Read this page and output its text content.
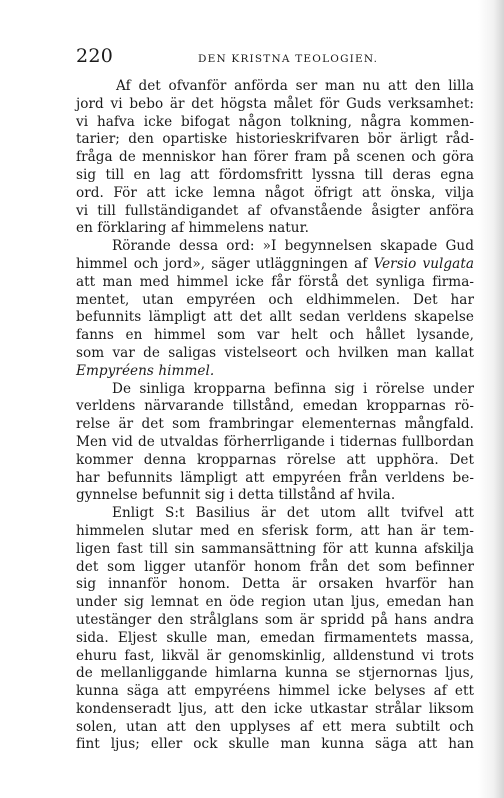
220	DEN KRISTNA TEOLOGIEN.
Af det ofvanför anförda ser man nu att den lilla
jord vi bebo är det högsta målet för Guds verksamhet:
vi hafva icke bifogat någon tolkning, några kommen-
tarier; den opartiske historieskrifvaren bör ärligt råd-
fråga de menniskor han förer fram på scenen och göra
sig till en lag att fördomsfritt lyssna till deras egna
ord. För att icke lemna något öfrigt att önska, vilja
vi till fullständigandet af ofvanstående åsigter anföra
en förklaring af himmelens natur.
Rörande dessa ord: »I begynnelsen skapade Gud
himmel och jord», säger utläggningen af Versio vulgata
att man med himmel icke får förstå det synliga firma-
mentet, utan empyréen och eldhimmelen. Det har
befunnits lämpligt att det allt sedan verldens skapelse
fanns en himmel som var helt och hållet lysande,
som var de saligas vistelseort och hvilken man kallat
Empyréens himmel.
De sinliga kropparna befinna sig i rörelse under
verldens närvarande tillstånd, emedan kropparnas rö-
relse är det som frambringar elementernas mångfald.
Men vid de utvaldas förherrligande i tidernas fullbordan
kommer denna kropparnas rörelse att upphöra. Det
har befunnits lämpligt att empyréen från verldens be-
gynnelse befunnit sig i detta tillstånd af hvila.
Enligt S:t Basilius är det utom allt tvifvel att
himmelen slutar med en sferisk form, att han är tem-
ligen fast till sin sammansättning för att kunna afskilja
det som ligger utanför honom från det som befinner
sig innanför honom. Detta är orsaken hvarför han
under sig lemnat en öde region utan ljus, emedan han
utestänger den strålglans som är spridd på hans andra
sida. Eljest skulle man, emedan firmamentets massa,
ehuru fast, likväl är genomskinlig, alldenstund vi trots
de mellanliggande himlarna kunna se stjernornas ljus,
kunna säga att empyréens himmel icke belyses af ett
kondenseradt ljus, att den icke utkastar strålar liksom
solen, utan att den upplyses af ett mera subtilt och
fint ljus; eller ock skulle man kunna säga att han
